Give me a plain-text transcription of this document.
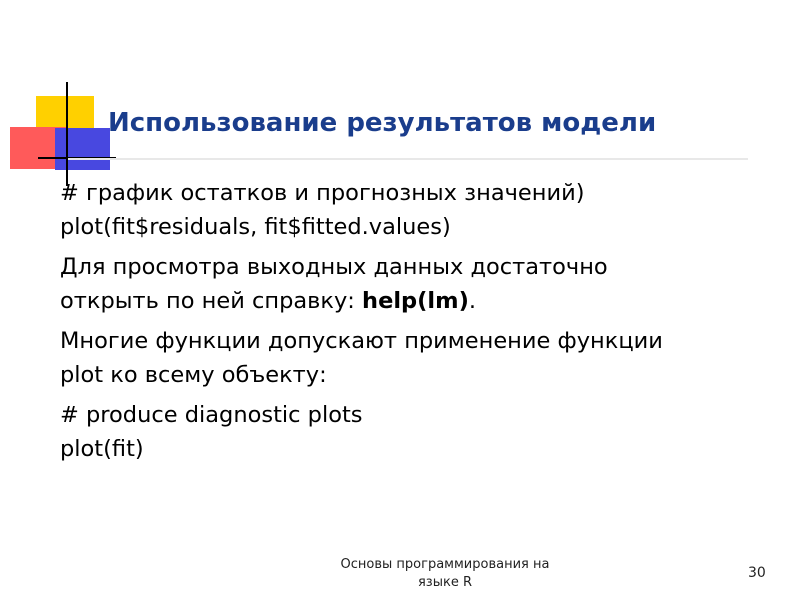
Использование результатов модели

# график остатков и прогнозных значений)
plot(fit$residuals, fit$fitted.values)

Для просмотра выходных данных достаточно
открыть по ней справку: help(lm).

Многие функции допускают применение функции
plot ко всему объекту:

# produce diagnostic plots
plot(fit)

Основы программирования на
языке R
30
